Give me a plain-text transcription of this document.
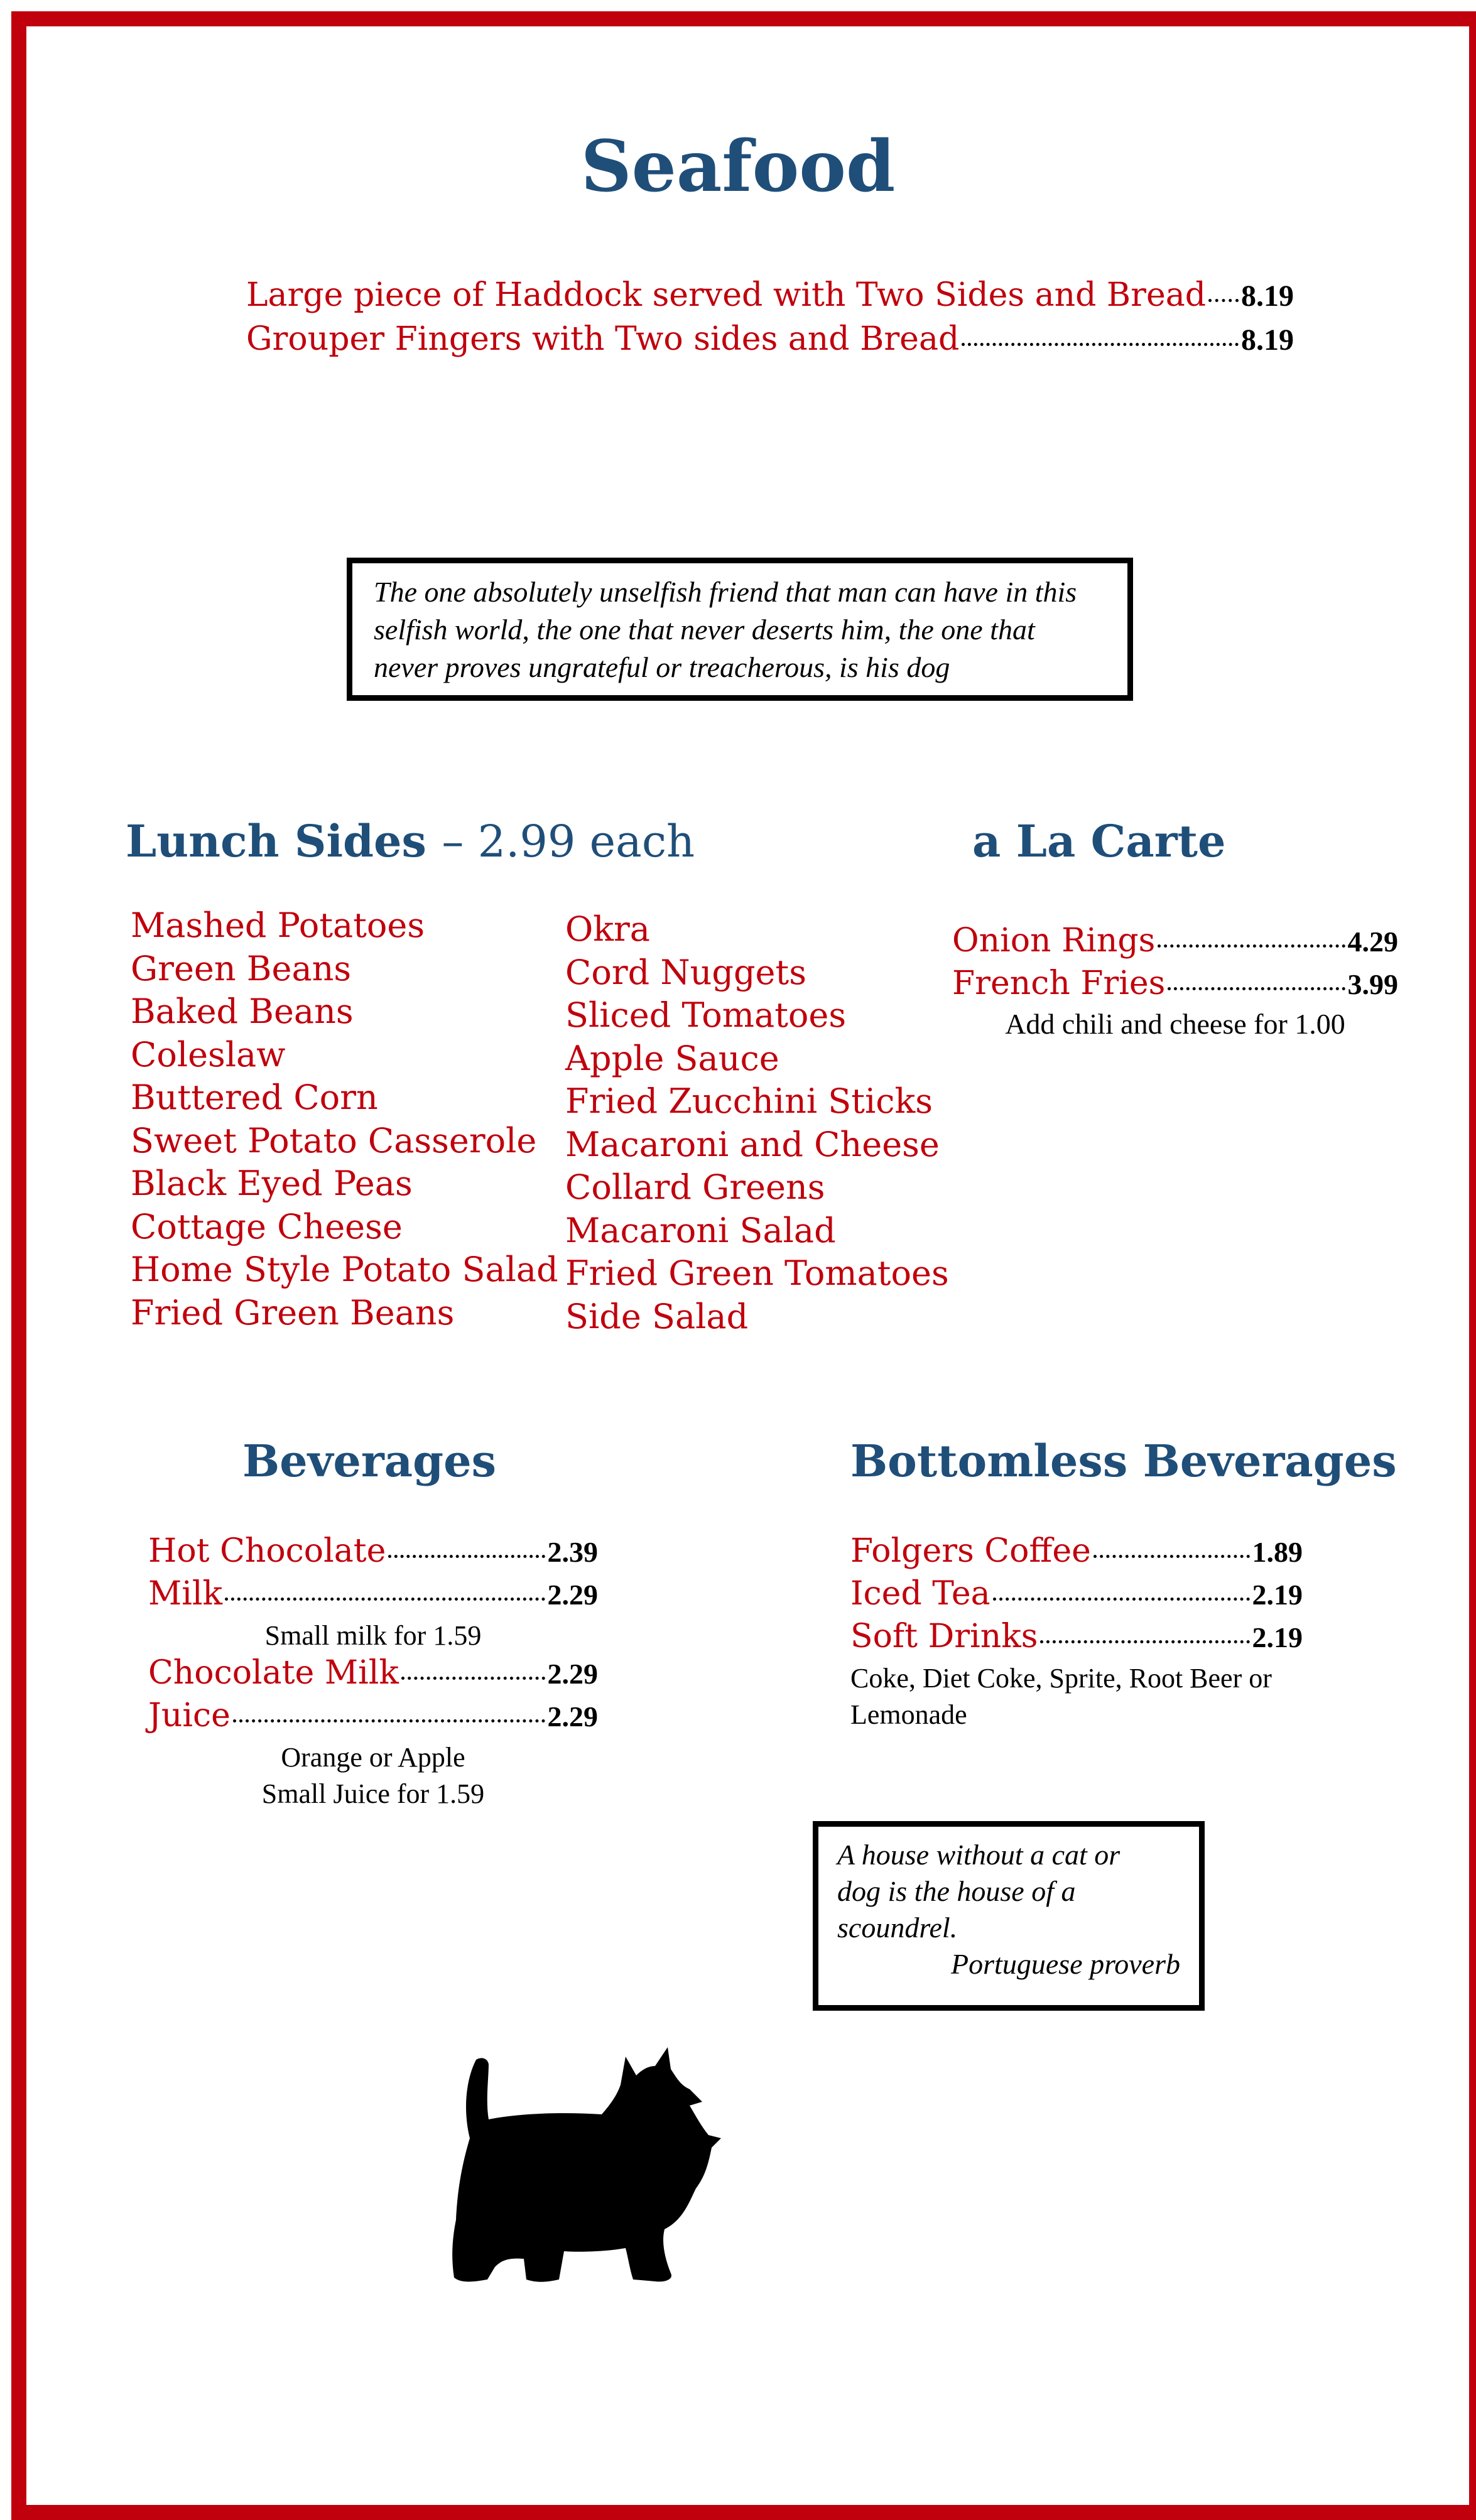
Seafood
Large piece of Haddock served with Two Sides and Bread 8.19
Grouper Fingers with Two sides and Bread	8.19
The one absolutely unselfish friend that man can have in this selfish world, the one that never deserts him, the one that never proves ungrateful or treacherous, is his dog
Lunch Sides – 2.99 each
Mashed Potatoes
Green Beans
Baked Beans
Coleslaw
Buttered Corn
Sweet Potato Casserole
Black Eyed Peas
Cottage Cheese
Home Style Potato Salad
Fried Green Beans
Okra
Cord Nuggets
Sliced Tomatoes
Apple Sauce
Fried Zucchini Sticks
Macaroni and Cheese
Collard Greens
Macaroni Salad
Fried Green Tomatoes
Side Salad
a La Carte
Onion Rings	4.29
French Fries	3.99
Add chili and cheese for 1.00
Beverages
Hot Chocolate	2.39
Milk	2.29
Small milk for 1.59
Chocolate Milk	2.29
Juice	2.29
Orange or Apple
Small Juice for 1.59
Bottomless Beverages
Folgers Coffee	1.89
Iced Tea	2.19
Soft Drinks	2.19
Coke, Diet Coke, Sprite, Root Beer or
Lemonade
A house without a cat or
dog is the house of a
scoundrel.
Portuguese proverb
